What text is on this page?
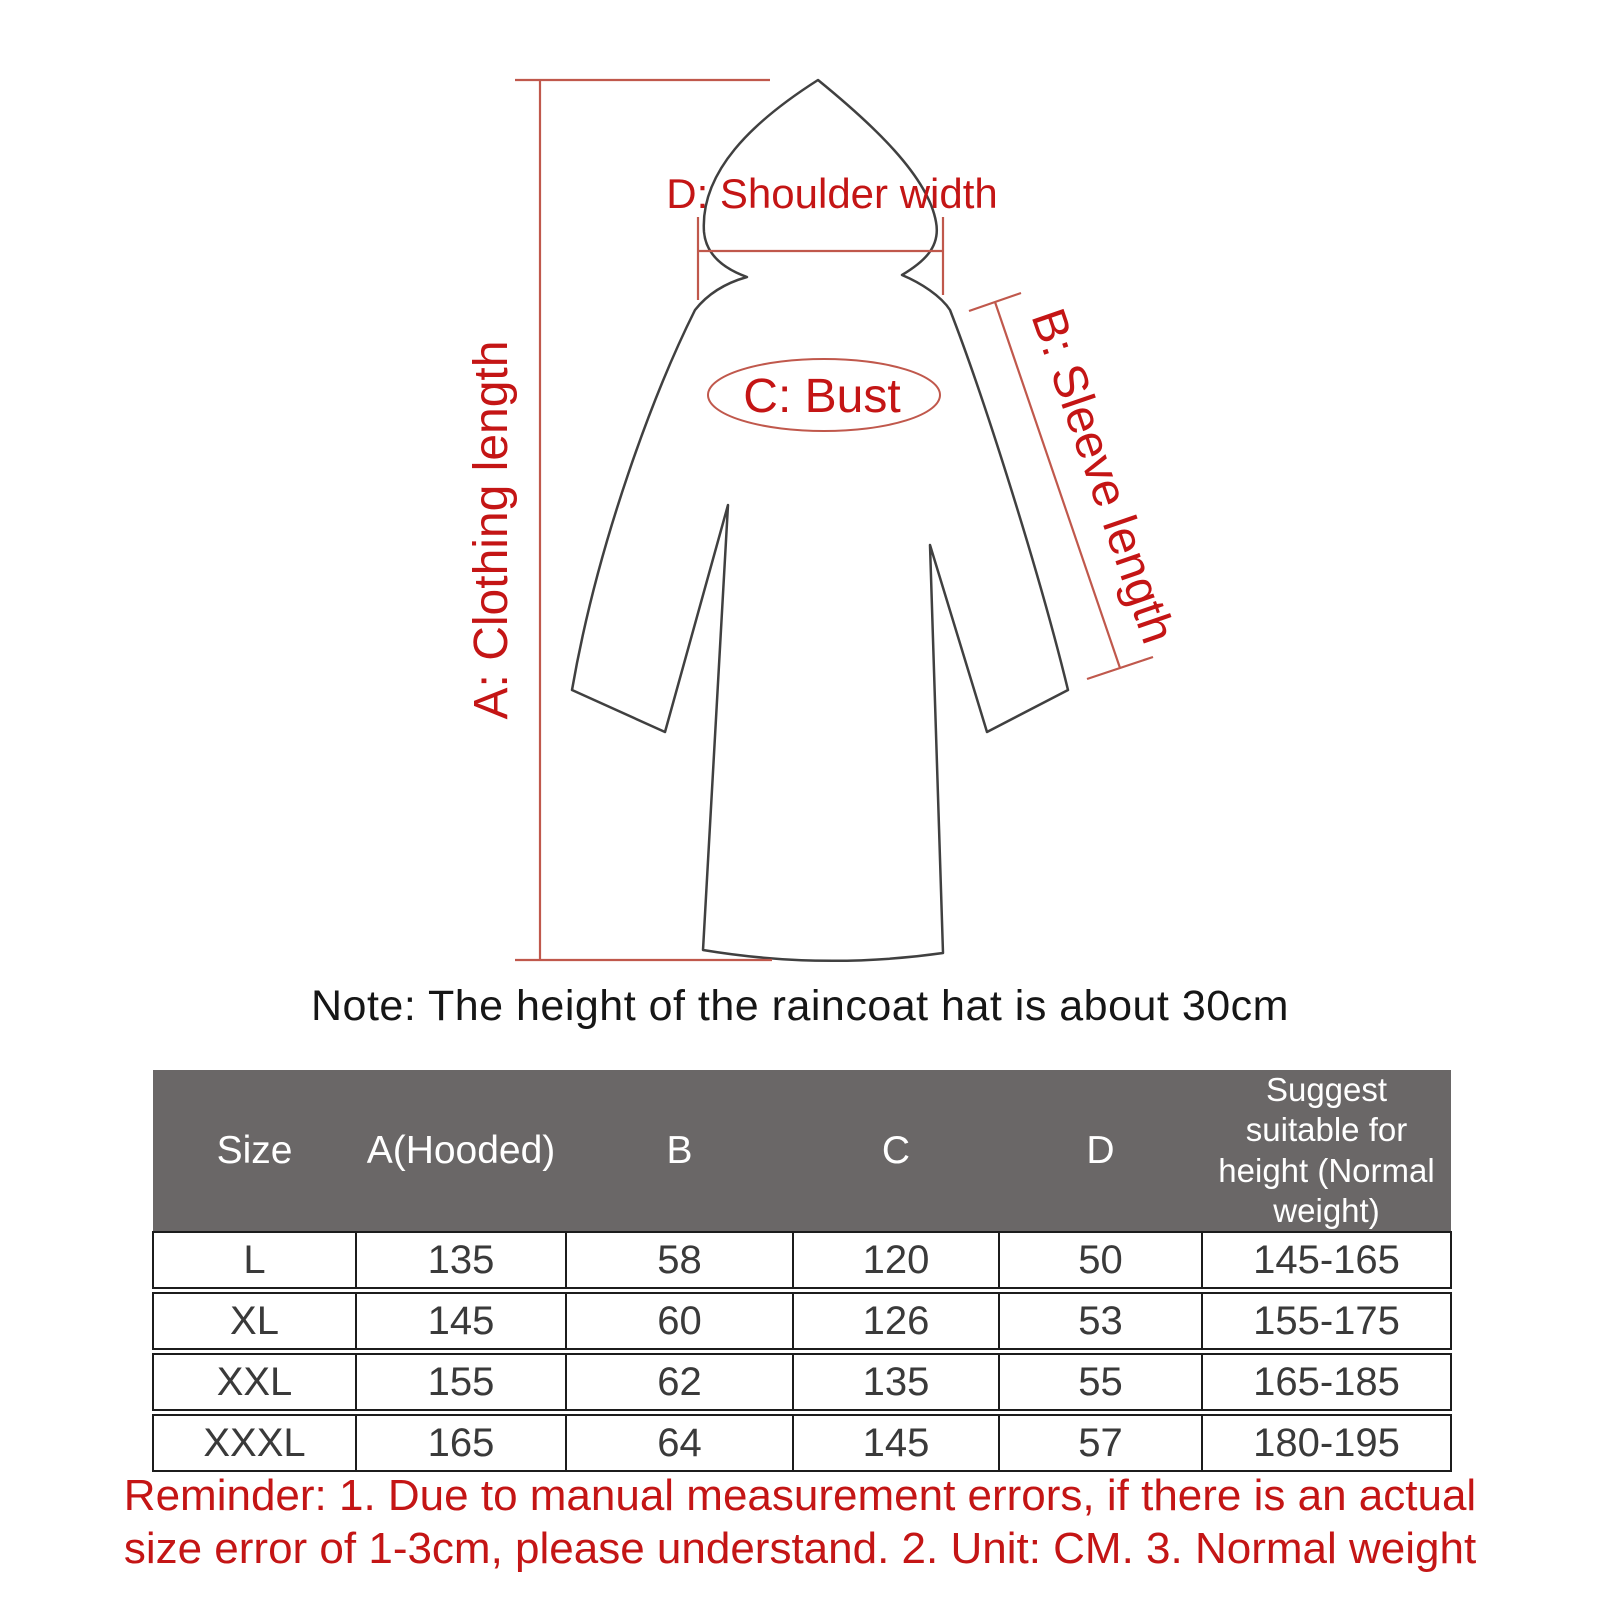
D: Shoulder width
C: Bust
A: Clothing length	B: Sleeve length
Note: The height of the raincoat hat is about 30cm
Size	A(Hooded)	B	C	D	Suggest suitable for height (Normal weight)
L	135	58	120	50	145-165
XL	145	60	126	53	155-175
XXL	155	62	135	55	165-185
XXXL	165	64	145	57	180-195
Reminder: 1. Due to manual measurement errors, if there is an actual
size error of 1-3cm, please understand. 2. Unit: CM. 3. Normal weight
